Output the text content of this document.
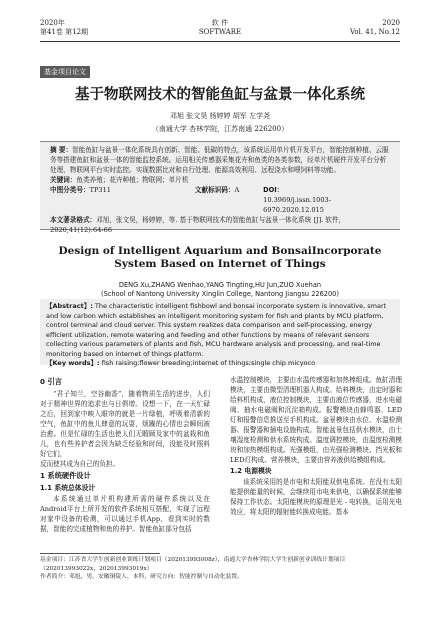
2020年
第41卷 第12期
软 件
SOFTWARE
2020
Vol. 41, No.12
基金项目论文
基于物联网技术的智能鱼缸与盆景一体化系统
邓旭 张文昊 杨婷婷 胡军 左学尧
（南通大学 杏林学院，江苏南通 226200）
摘 要：智能鱼缸与盆景一体化系统具有创新、智能、低碳的特点，该系统运用单片机开发平台，智能控制种植、云服务等搭建鱼缸和盆景一体的智能监控系统。运用相关传感器采集花卉和鱼类的各类参数，经单片机硬件开发平台分析处理，物联网平台实时监控。实现数据比对和自行处理、能源高效利用、远程浇水和喂饲料等功能。
关键词：鱼类养殖；花卉种植；物联网；单片机
中图分类号：TP311	文献标识码：A	DOI：10.3969/j.issn.1003-6970.2020.12.015
本文著录格式：邓旭，张文昊，杨婷婷，等. 基于物联网技术的智能鱼缸与盆景一体化系统 [J]. 软件，2020,41(12):64-66
Design of Intelligent Aquarium and BonsaiIncorporate System Based on Internet of Things
DENG Xu,ZHANG Wenhao,YANG Tingting,HU Jun,ZUO Xuehan
(School of Nantong University Xinglin College, Nantong Jiangsu 226200)
【Abstract】: The characteristic intelligent fishbowl and bonsai incorporate system is innovative, smart and low carbon which establishes an intelligent monitoring system for fish and plants by MCU platform, control terminal and cloud server. This system realizes data comparison and self-processing, energy efficient utilization, remote watering and feeding and other functions by means of relevant sensors collecting various parameters of plants and fish, MCU hardware analysis and processing, and real-time monitoring based on internet of things platform.
【Key words】: fish raising;flower breeding;internet of things;single chip micyoco
0 引言
“君子知兰，空谷幽香”，随着物质生活的进步，人们对于精神世界的追求也与日俱增。设想一下，在一天忙碌之后，回到家中映入眼帘的就是一片绿植，呼吸着清新的空气，鱼缸中的鱼儿肆意的玩耍，烦躁的心情也会瞬间被治愈。但是忙碌的生活也使人们无暇顾及家中的盆栽和鱼儿，也有些养护者会因为缺乏经验和时间，没能及时照料好它们，
反而使其成为自己的负担。
1 系统硬件设计
1.1 系统总体设计
本系统通过单片机构建所需的硬件系统以及在Android平台上所开发的软件系统相互搭配，实现了远程对家中设备的检测，可以通过手机App，看到实时的数据，智能的完成植物和鱼的养护。智能鱼缸部分包括
水温控制模块，主要由水温传感器和加热棒组成。鱼缸清理模块，主要由微型清理机器人构成。给料模块，由定时器和给料机构成，液位控制模块，主要由液位传感器，进水电磁阀、抽水电磁阀和沉淀箱构成。报警模块由蜂鸣器、LED灯和报警信息推送至手机构成。盆景模块由水位、水温检测器、报警器和插电设施构成。智能盆景包括供水模块，由土壤湿度检测和供水系统构成。温度调控模块，由温度检测模块和加热模组构成。光强模组，由光强检测模块、挡光板和LED灯构成。营养模块，主要由营养液供给模组构成。
1.2 电源模块
该系统采用的是市电和太阳能双供电系统。在没有太阳能提供能量的时候，会继续用市电来供电，以确保系统能够保持工作状态。太阳能模块的原理是光 - 电转换，运用光电效应，将太阳的辐射能转换成电能。基本
基金项目：江苏省大学生创新创业训练计划项目（202013993008z），南通大学杏林学院大学生创新创业训练计划项目（202013993022x，202013993019x）
作者简介：邓旭，男，安徽铜陵人，本科，研究方向：智能控制与自动化装置。
